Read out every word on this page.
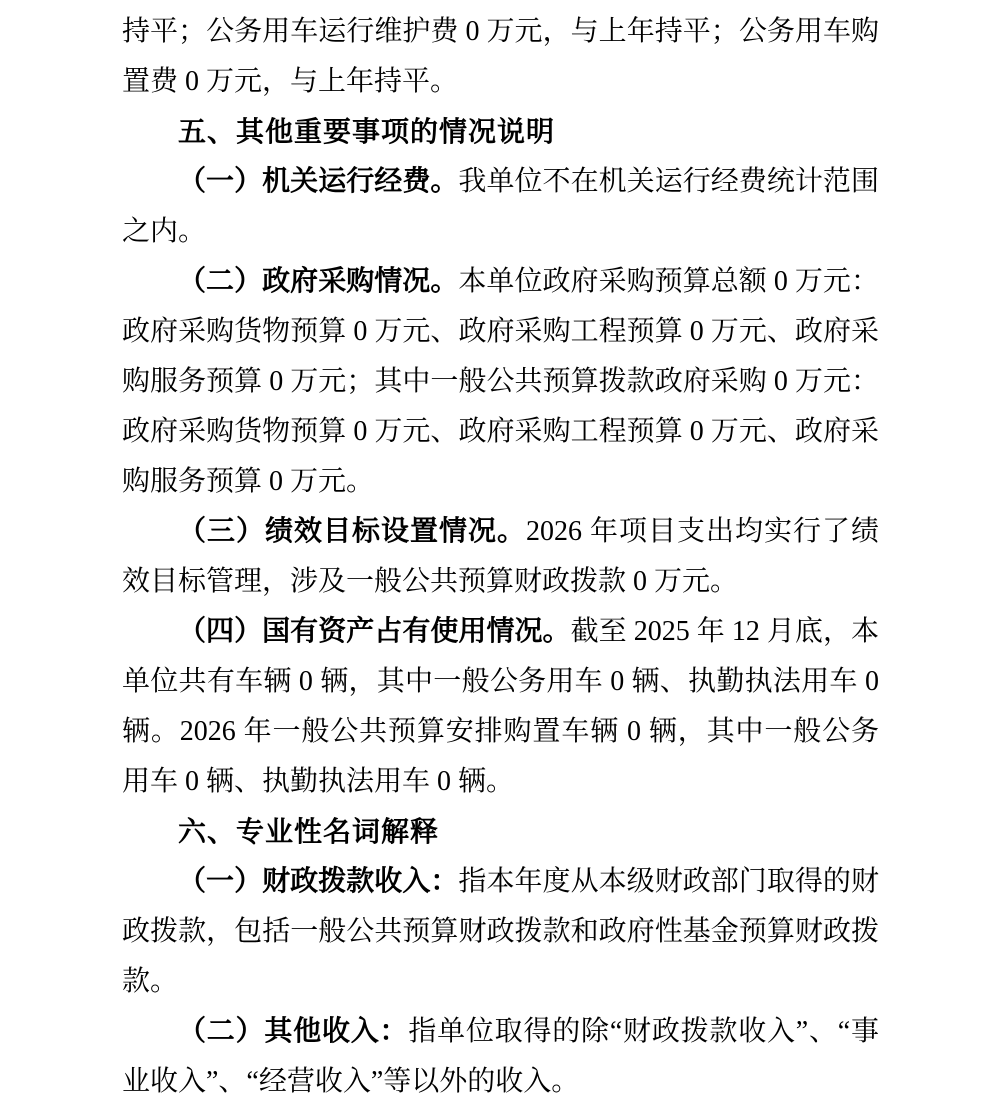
持平；公务用车运行维护费 0 万元，与上年持平；公务用车购置费 0 万元，与上年持平。

五、其他重要事项的情况说明

（一）机关运行经费。我单位不在机关运行经费统计范围之内。

（二）政府采购情况。本单位政府采购预算总额 0 万元：政府采购货物预算 0 万元、政府采购工程预算 0 万元、政府采购服务预算 0 万元；其中一般公共预算拨款政府采购 0 万元：政府采购货物预算 0 万元、政府采购工程预算 0 万元、政府采购服务预算 0 万元。

（三）绩效目标设置情况。2026 年项目支出均实行了绩效目标管理，涉及一般公共预算财政拨款 0 万元。

（四）国有资产占有使用情况。截至 2025 年 12 月底，本单位共有车辆 0 辆，其中一般公务用车 0 辆、执勤执法用车 0 辆。2026 年一般公共预算安排购置车辆 0 辆，其中一般公务用车 0 辆、执勤执法用车 0 辆。

六、专业性名词解释

（一）财政拨款收入：指本年度从本级财政部门取得的财政拨款，包括一般公共预算财政拨款和政府性基金预算财政拨款。

（二）其他收入：指单位取得的除“财政拨款收入”、“事业收入”、“经营收入”等以外的收入。
